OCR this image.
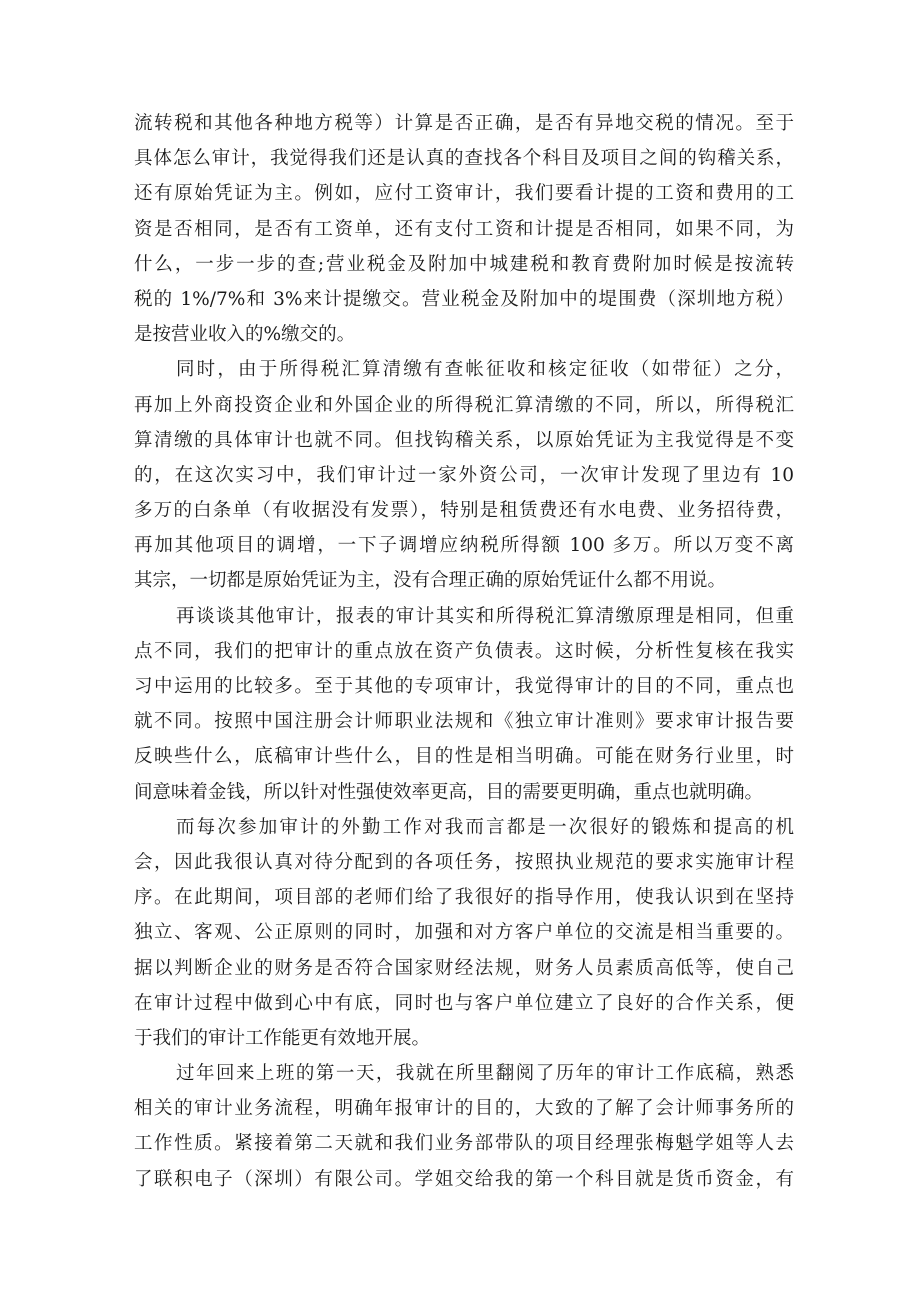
流转税和其他各种地方税等）计算是否正确，是否有异地交税的情况。至于
具体怎么审计，我觉得我们还是认真的查找各个科目及项目之间的钩稽关系，
还有原始凭证为主。例如，应付工资审计，我们要看计提的工资和费用的工
资是否相同，是否有工资单，还有支付工资和计提是否相同，如果不同，为
什么，一步一步的查;营业税金及附加中城建税和教育费附加时候是按流转
税的 1%/7%和 3%来计提缴交。营业税金及附加中的堤围费（深圳地方税）
是按营业收入的%缴交的。
同时，由于所得税汇算清缴有查帐征收和核定征收（如带征）之分，
再加上外商投资企业和外国企业的所得税汇算清缴的不同，所以，所得税汇
算清缴的具体审计也就不同。但找钩稽关系，以原始凭证为主我觉得是不变
的，在这次实习中，我们审计过一家外资公司，一次审计发现了里边有 10
多万的白条单（有收据没有发票），特别是租赁费还有水电费、业务招待费，
再加其他项目的调增，一下子调增应纳税所得额 100 多万。所以万变不离
其宗，一切都是原始凭证为主，没有合理正确的原始凭证什么都不用说。
再谈谈其他审计，报表的审计其实和所得税汇算清缴原理是相同，但重
点不同，我们的把审计的重点放在资产负债表。这时候，分析性复核在我实
习中运用的比较多。至于其他的专项审计，我觉得审计的目的不同，重点也
就不同。按照中国注册会计师职业法规和《独立审计准则》要求审计报告要
反映些什么，底稿审计些什么，目的性是相当明确。可能在财务行业里，时
间意味着金钱，所以针对性强使效率更高，目的需要更明确，重点也就明确。
而每次参加审计的外勤工作对我而言都是一次很好的锻炼和提高的机
会，因此我很认真对待分配到的各项任务，按照执业规范的要求实施审计程
序。在此期间，项目部的老师们给了我很好的指导作用，使我认识到在坚持
独立、客观、公正原则的同时，加强和对方客户单位的交流是相当重要的。
据以判断企业的财务是否符合国家财经法规，财务人员素质高低等，使自己
在审计过程中做到心中有底，同时也与客户单位建立了良好的合作关系，便
于我们的审计工作能更有效地开展。
过年回来上班的第一天，我就在所里翻阅了历年的审计工作底稿，熟悉
相关的审计业务流程，明确年报审计的目的，大致的了解了会计师事务所的
工作性质。紧接着第二天就和我们业务部带队的项目经理张梅魁学姐等人去
了联积电子（深圳）有限公司。学姐交给我的第一个科目就是货币资金，有
